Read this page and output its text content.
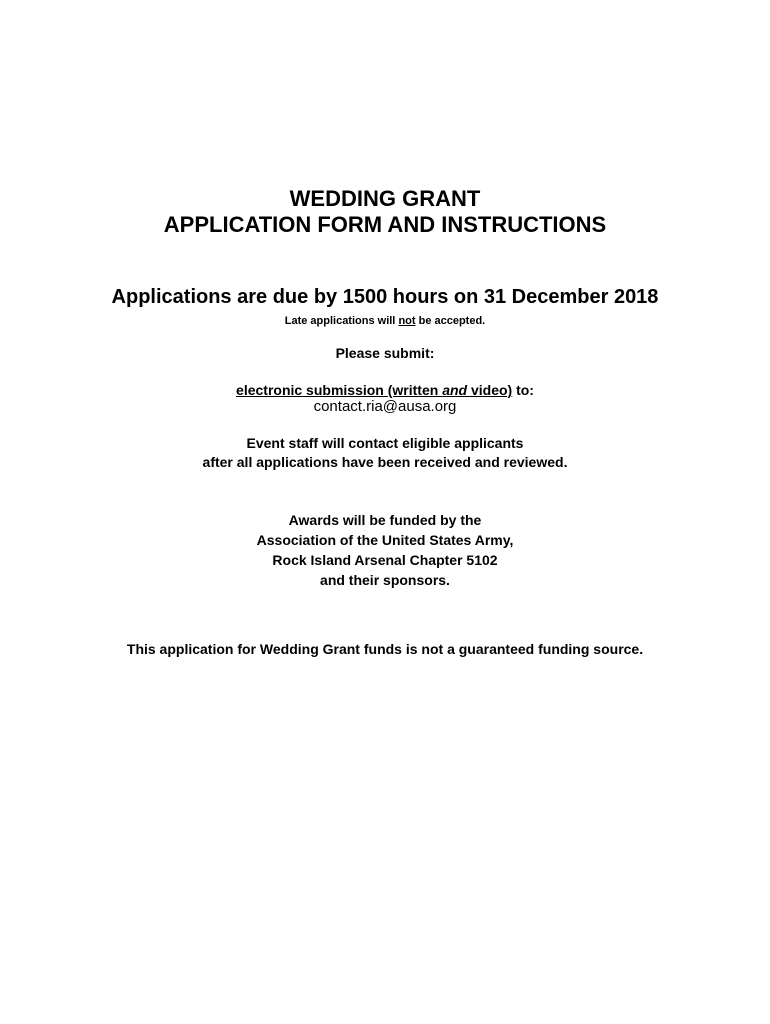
WEDDING GRANT
APPLICATION FORM AND INSTRUCTIONS
Applications are due by 1500 hours on 31 December 2018
Late applications will not be accepted.
Please submit:
electronic submission (written and video) to:
contact.ria@ausa.org
Event staff will contact eligible applicants
after all applications have been received and reviewed.
Awards will be funded by the
Association of the United States Army,
Rock Island Arsenal Chapter 5102
and their sponsors.
This application for Wedding Grant funds is not a guaranteed funding source.
